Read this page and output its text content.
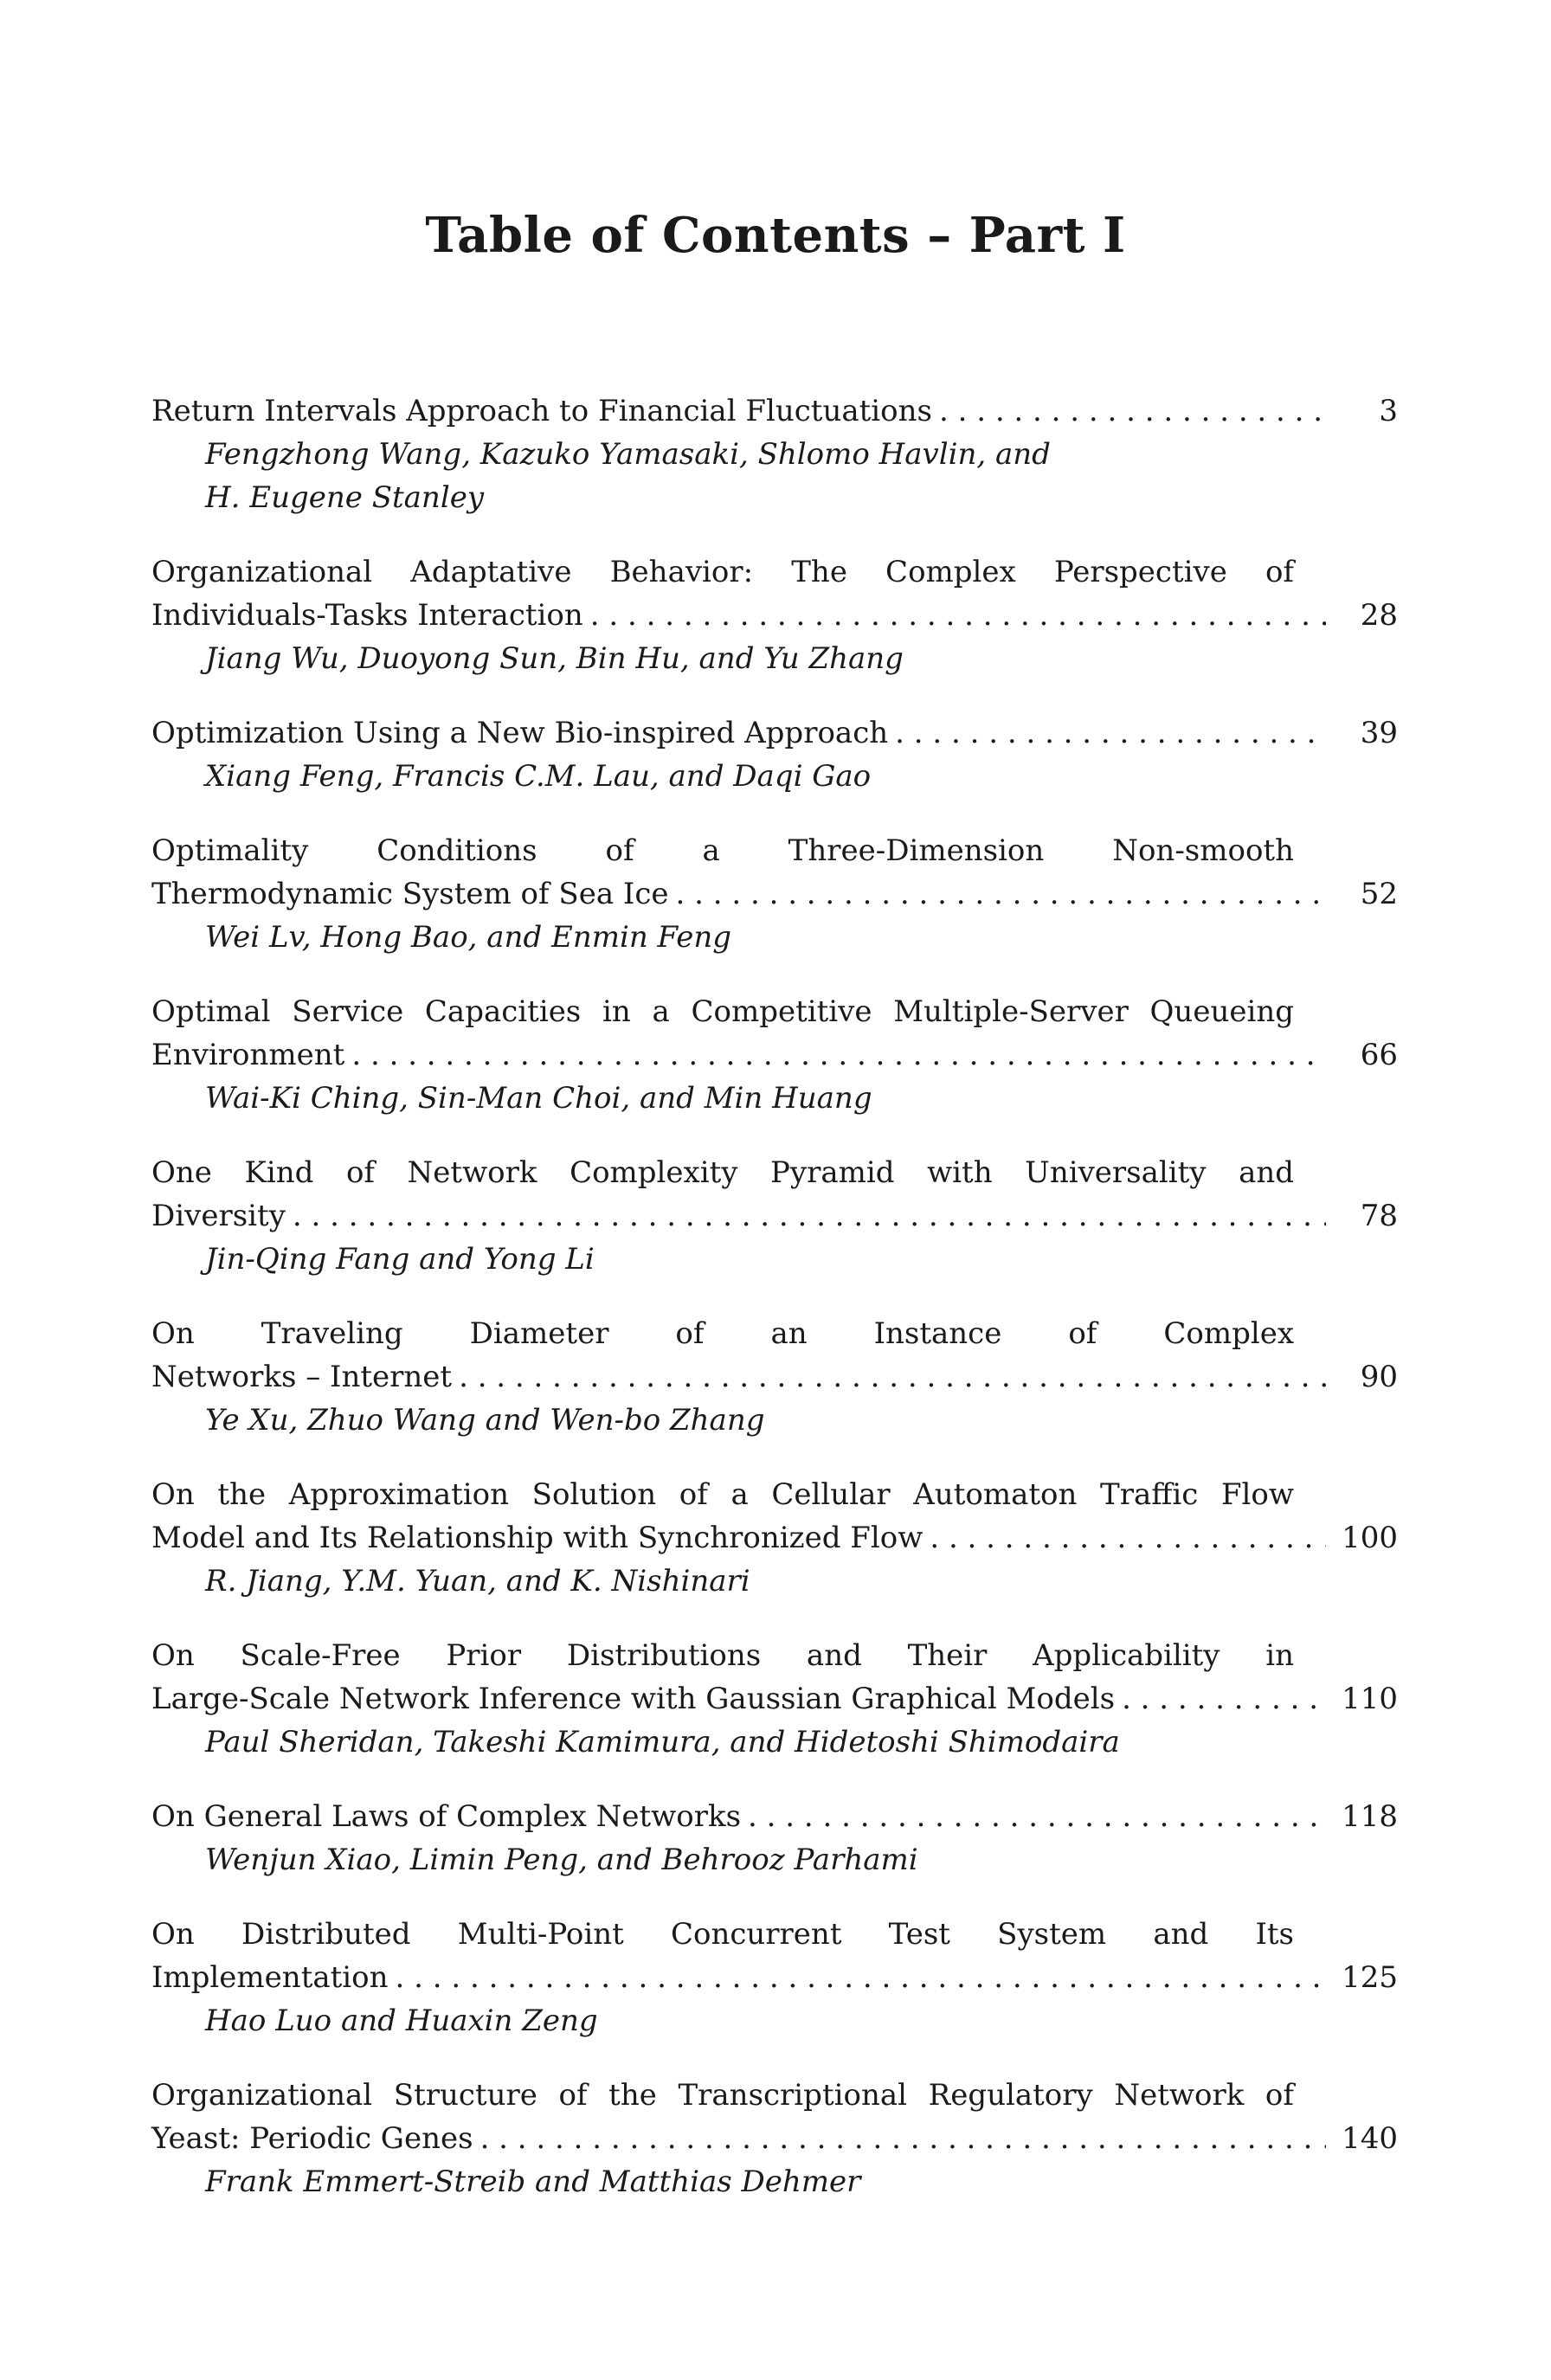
Table of Contents – Part I
Return Intervals Approach to Financial Fluctuations . . .	3
Fengzhong Wang, Kazuko Yamasaki, Shlomo Havlin, and
H. Eugene Stanley
Organizational Adaptative Behavior: The Complex Perspective of
Individuals-Tasks Interaction . . .	28
Jiang Wu, Duoyong Sun, Bin Hu, and Yu Zhang
Optimization Using a New Bio-inspired Approach . . .	39
Xiang Feng, Francis C.M. Lau, and Daqi Gao
Optimality Conditions of a Three-Dimension Non-smooth
Thermodynamic System of Sea Ice . . .	52
Wei Lv, Hong Bao, and Enmin Feng
Optimal Service Capacities in a Competitive Multiple-Server Queueing
Environment . . .	66
Wai-Ki Ching, Sin-Man Choi, and Min Huang
One Kind of Network Complexity Pyramid with Universality and
Diversity . . .	78
Jin-Qing Fang and Yong Li
On Traveling Diameter of an Instance of Complex
Networks – Internet . . .	90
Ye Xu, Zhuo Wang and Wen-bo Zhang
On the Approximation Solution of a Cellular Automaton Traffic Flow
Model and Its Relationship with Synchronized Flow . . .	100
R. Jiang, Y.M. Yuan, and K. Nishinari
On Scale-Free Prior Distributions and Their Applicability in
Large-Scale Network Inference with Gaussian Graphical Models . . .	110
Paul Sheridan, Takeshi Kamimura, and Hidetoshi Shimodaira
On General Laws of Complex Networks . . .	118
Wenjun Xiao, Limin Peng, and Behrooz Parhami
On Distributed Multi-Point Concurrent Test System and Its
Implementation . . .	125
Hao Luo and Huaxin Zeng
Organizational Structure of the Transcriptional Regulatory Network of
Yeast: Periodic Genes . . .	140
Frank Emmert-Streib and Matthias Dehmer
